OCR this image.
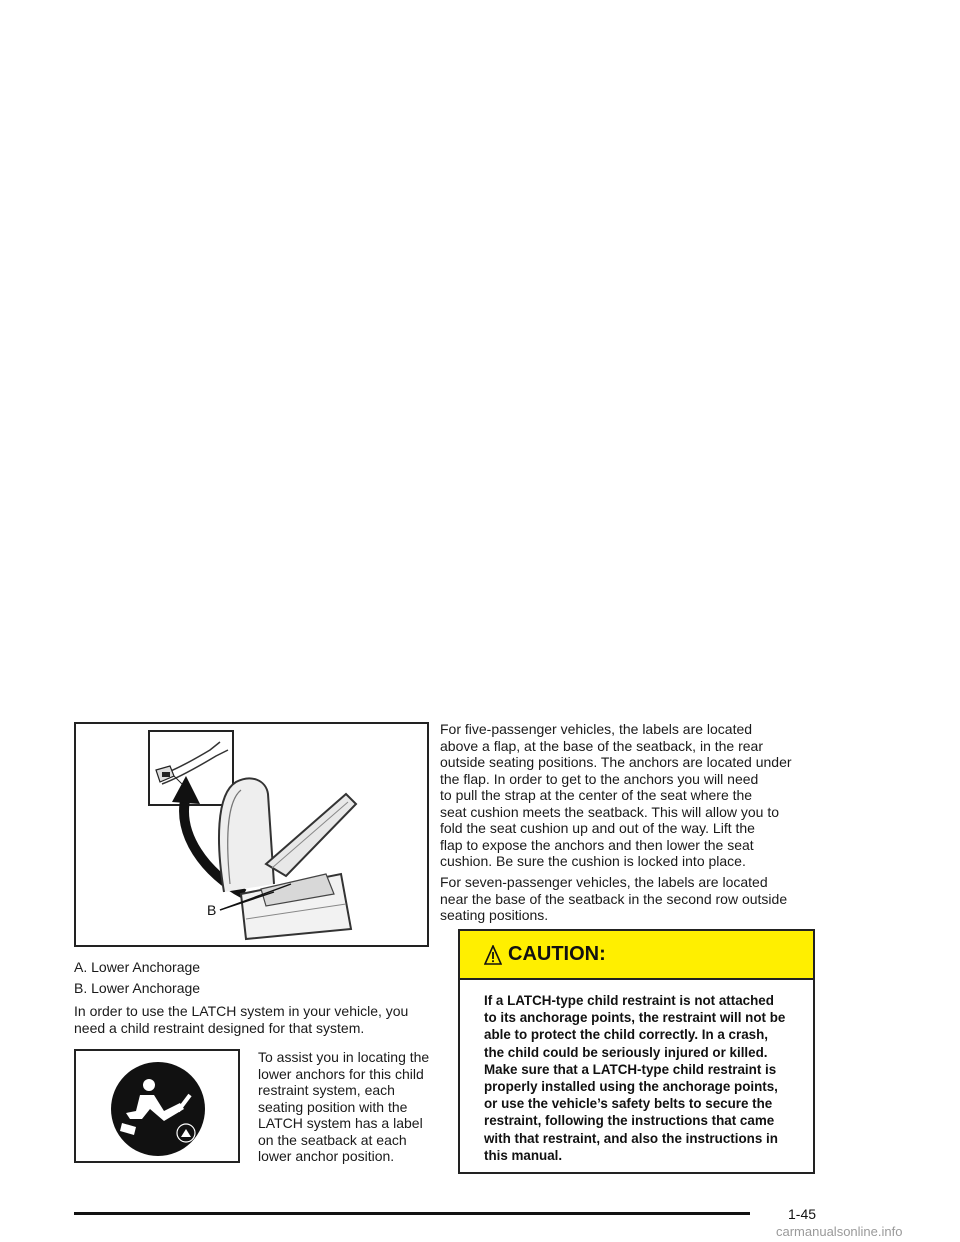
B
A. Lower Anchorage
B. Lower Anchorage

In order to use the LATCH system in your vehicle, you need a child restraint designed for that system.

To assist you in locating the
lower anchors for this child
restraint system, each
seating position with the
LATCH system has a label
on the seatback at each
lower anchor position.
For five-passenger vehicles, the labels are located
above a flap, at the base of the seatback, in the rear
outside seating positions. The anchors are located under
the flap. In order to get to the anchors you will need
to pull the strap at the center of the seat where the
seat cushion meets the seatback. This will allow you to
fold the seat cushion up and out of the way. Lift the
flap to expose the anchors and then lower the seat
cushion. Be sure the cushion is locked into place.
For seven-passenger vehicles, the labels are located
near the base of the seatback in the second row outside
seating positions.
CAUTION:
If a LATCH-type child restraint is not attached
to its anchorage points, the restraint will not be
able to protect the child correctly. In a crash,
the child could be seriously injured or killed.
Make sure that a LATCH-type child restraint is
properly installed using the anchorage points,
or use the vehicle’s safety belts to secure the
restraint, following the instructions that came
with that restraint, and also the instructions in
this manual.
1-45
carmanualsonline.info
